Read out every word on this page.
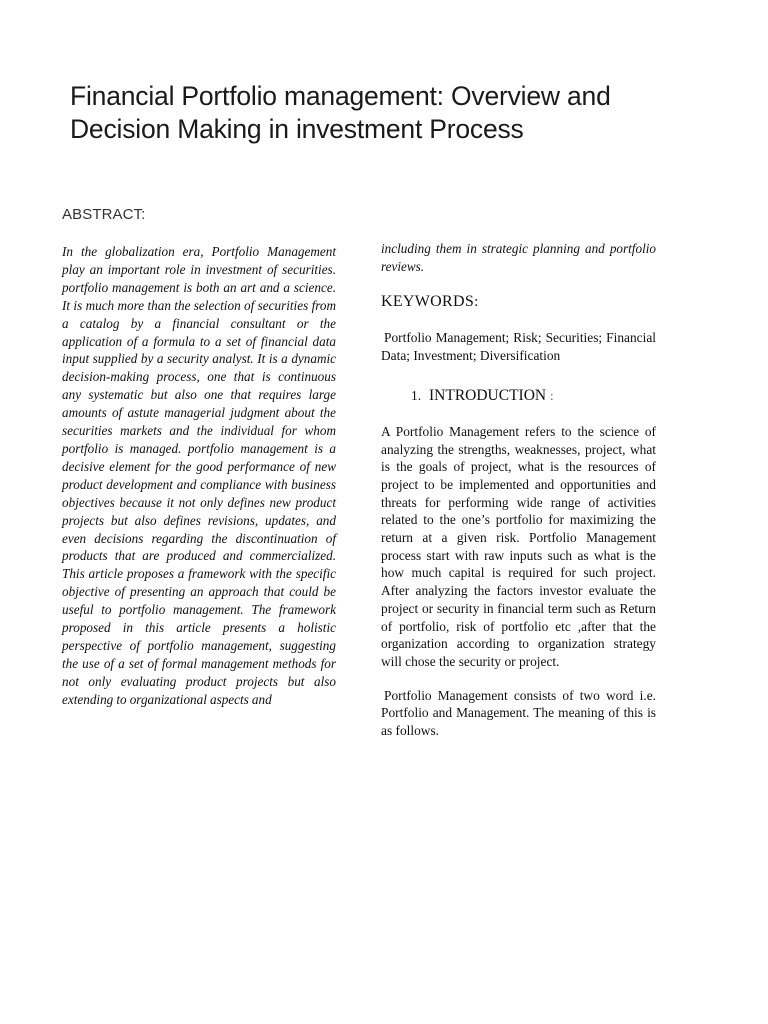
Financial Portfolio management: Overview and Decision Making in investment Process
ABSTRACT:
In the globalization era, Portfolio Management play an important role in investment of securities. portfolio management is both an art and a science. It is much more than the selection of securities from a catalog by a financial consultant or the application of a formula to a set of financial data input supplied by a security analyst. It is a dynamic decision-making process, one that is continuous any systematic but also one that requires large amounts of astute managerial judgment about the securities markets and the individual for whom portfolio is managed. portfolio management is a decisive element for the good performance of new product development and compliance with business objectives because it not only defines new product projects but also defines revisions, updates, and even decisions regarding the discontinuation of products that are produced and commercialized. This article proposes a framework with the specific objective of presenting an approach that could be useful to portfolio management. The framework proposed in this article presents a holistic perspective of portfolio management, suggesting the use of a set of formal management methods for not only evaluating product projects but also extending to organizational aspects and
including them in strategic planning and portfolio reviews.
KEYWORDS:
Portfolio Management; Risk; Securities; Financial Data; Investment; Diversification
1. INTRODUCTION :
A Portfolio Management refers to the science of analyzing the strengths, weaknesses, project, what is the goals of project, what is the resources of project to be implemented and opportunities and threats for performing wide range of activities related to the one’s portfolio for maximizing the return at a given risk. Portfolio Management process start with raw inputs such as what is the how much capital is required for such project. After analyzing the factors investor evaluate the project or security in financial term such as Return of portfolio, risk of portfolio etc ,after that the organization according to organization strategy will chose the security or project.
Portfolio Management consists of two word i.e. Portfolio and Management. The meaning of this is as follows.
